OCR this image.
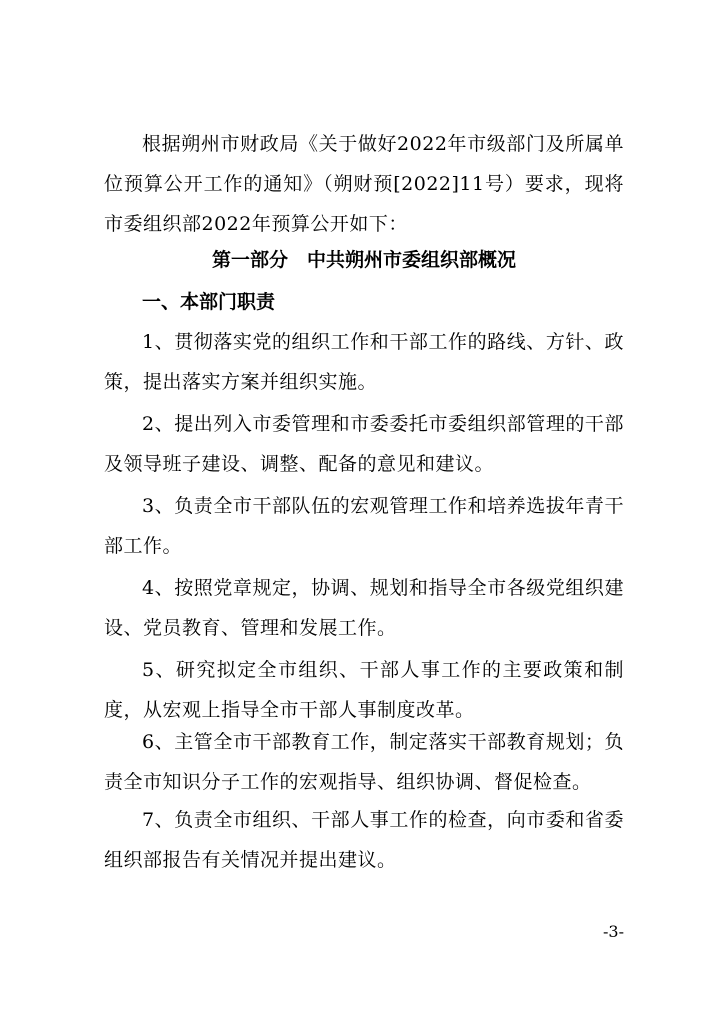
根据朔州市财政局《关于做好2022年市级部门及所属单位预算公开工作的通知》（朔财预[2022]11号）要求，现将市委组织部2022年预算公开如下：

第一部分　中共朔州市委组织部概况

一、本部门职责

1、贯彻落实党的组织工作和干部工作的路线、方针、政策，提出落实方案并组织实施。

2、提出列入市委管理和市委委托市委组织部管理的干部及领导班子建设、调整、配备的意见和建议。

3、负责全市干部队伍的宏观管理工作和培养选拔年青干部工作。

4、按照党章规定，协调、规划和指导全市各级党组织建设、党员教育、管理和发展工作。

5、研究拟定全市组织、干部人事工作的主要政策和制度，从宏观上指导全市干部人事制度改革。

6、主管全市干部教育工作，制定落实干部教育规划；负责全市知识分子工作的宏观指导、组织协调、督促检查。

7、负责全市组织、干部人事工作的检查，向市委和省委组织部报告有关情况并提出建议。

-3-
